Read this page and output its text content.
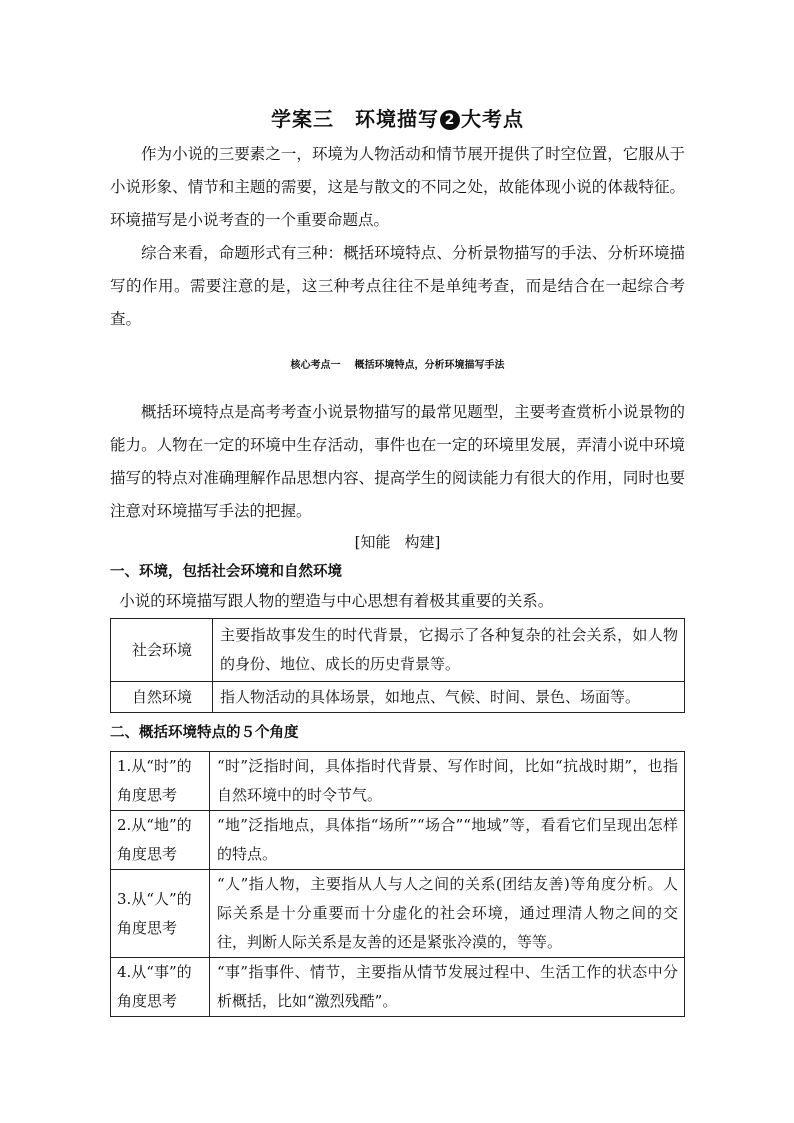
学案三　环境描写 2 大考点

作为小说的三要素之一，环境为人物活动和情节展开提供了时空位置，它服从于小说形象、情节和主题的需要，这是与散文的不同之处，故能体现小说的体裁特征。环境描写是小说考查的一个重要命题点。

综合来看，命题形式有三种：概括环境特点、分析景物描写的手法、分析环境描写的作用。需要注意的是，这三种考点往往不是单纯考查，而是结合在一起综合考查。

核心考点一 概括环境特点，分析环境描写手法

概括环境特点是高考考查小说景物描写的最常见题型，主要考查赏析小说景物的能力。人物在一定的环境中生存活动，事件也在一定的环境里发展，弄清小说中环境描写的特点对准确理解作品思想内容、提高学生的阅读能力有很大的作用，同时也要注意对环境描写手法的把握。

[知能 构建]
一、环境，包括社会环境和自然环境
小说的环境描写跟人物的塑造与中心思想有着极其重要的关系。
社会环境	主要指故事发生的时代背景，它揭示了各种复杂的社会关系，如人物的身份、地位、成长的历史背景等。
自然环境	指人物活动的具体场景，如地点、气候、时间、景色、场面等。
二、概括环境特点的５个角度
1.从“时”的角度思考	“时”泛指时间，具体指时代背景、写作时间，比如“抗战时期”，也指自然环境中的时令节气。
2.从“地”的角度思考	“地”泛指地点，具体指“场所”“场合”“地域”等，看看它们呈现出怎样的特点。
3.从“人”的角度思考	“人”指人物，主要指从人与人之间的关系(团结友善)等角度分析。人际关系是十分重要而十分虚化的社会环境，通过理清人物之间的交往，判断人际关系是友善的还是紧张冷漠的，等等。
4.从“事”的角度思考	“事”指事件、情节，主要指从情节发展过程中、生活工作的状态中分析概括，比如“激烈残酷”。
